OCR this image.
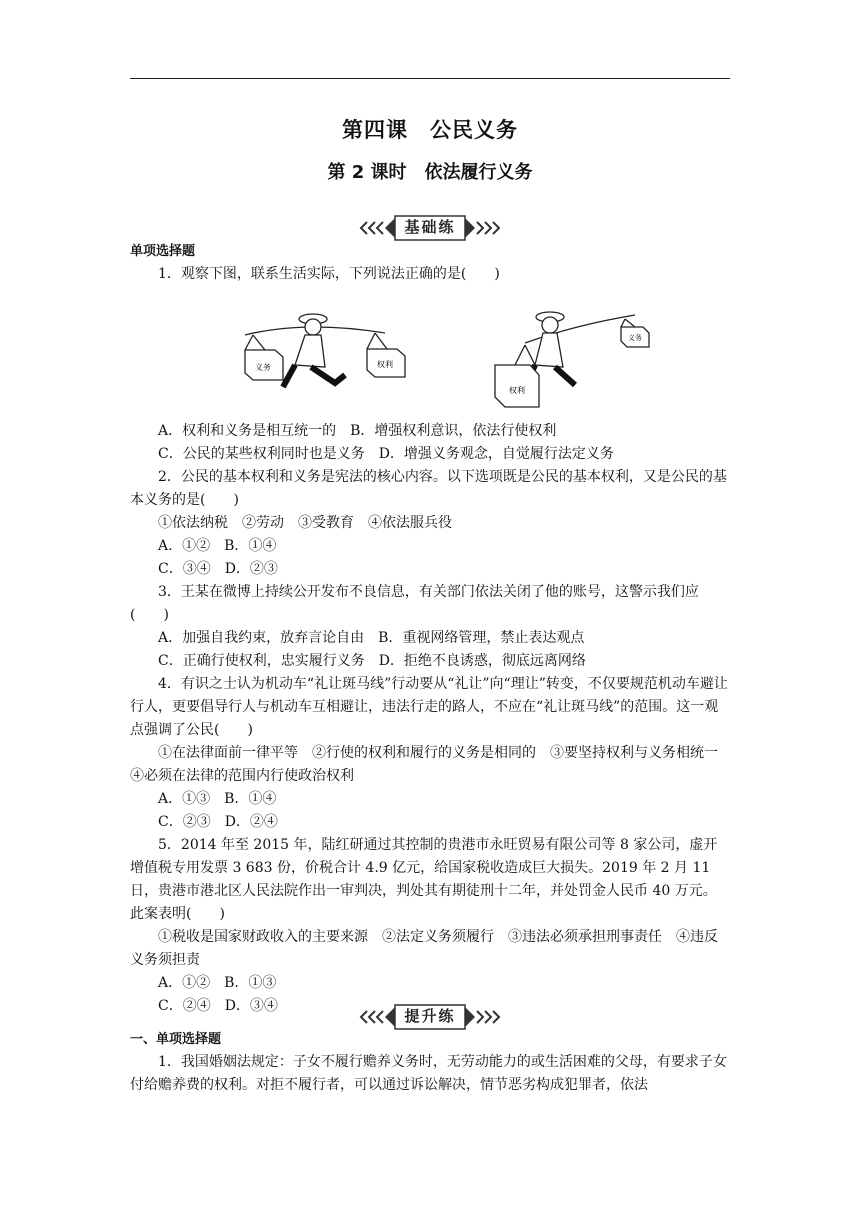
第四课　公民义务
第 2 课时　依法履行义务
基础练

单项选择题

1．观察下图，联系生活实际，下列说法正确的是(　　)

义务	权利
权利
义务

A．权利和义务是相互统一的　B．增强权利意识，依法行使权利

C．公民的某些权利同时也是义务　D．增强义务观念，自觉履行法定义务

2．公民的基本权利和义务是宪法的核心内容。以下选项既是公民的基本权利，又是公民的基本义务的是(　　)

①依法纳税　②劳动　③受教育　④依法服兵役

A．①②　B．①④

C．③④　D．②③

3．王某在微博上持续公开发布不良信息，有关部门依法关闭了他的账号，这警示我们应(　　)

A．加强自我约束，放弃言论自由　B．重视网络管理，禁止表达观点

C．正确行使权利，忠实履行义务　D．拒绝不良诱惑，彻底远离网络

4．有识之士认为机动车“礼让斑马线”行动要从“礼让”向“理让”转变，不仅要规范机动车避让行人，更要倡导行人与机动车互相避让，违法行走的路人，不应在“礼让斑马线”的范围。这一观点强调了公民(　　)

①在法律面前一律平等　②行使的权利和履行的义务是相同的　③要坚持权利与义务相统一　④必须在法律的范围内行使政治权利

A．①③　B．①④

C．②③　D．②④

5．2014 年至 2015 年，陆红研通过其控制的贵港市永旺贸易有限公司等 8 家公司，虚开增值税专用发票 3 683 份，价税合计 4.9 亿元，给国家税收造成巨大损失。2019 年 2 月 11 日，贵港市港北区人民法院作出一审判决，判处其有期徒刑十二年，并处罚金人民币 40 万元。此案表明(　　)

①税收是国家财政收入的主要来源　②法定义务须履行　③违法必须承担刑事责任　④违反义务须担责

A．①②　B．①③

C．②④　D．③④

提升练

一、单项选择题

1．我国婚姻法规定：子女不履行赡养义务时，无劳动能力的或生活困难的父母，有要求子女付给赡养费的权利。对拒不履行者，可以通过诉讼解决，情节恶劣构成犯罪者，依法
